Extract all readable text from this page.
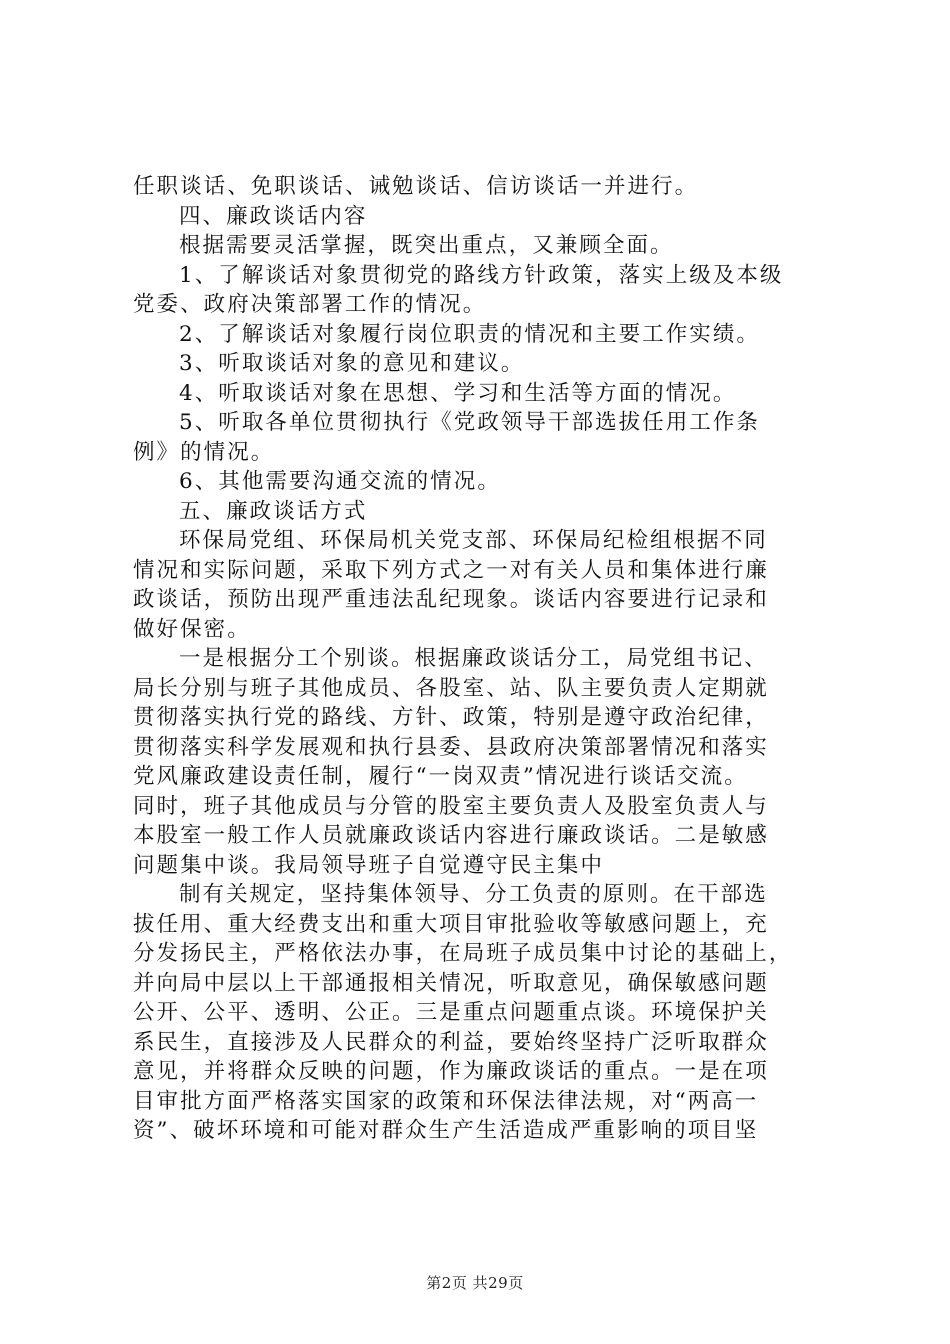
任职谈话、免职谈话、诫勉谈话、信访谈话一并进行。
四、廉政谈话内容
根据需要灵活掌握，既突出重点，又兼顾全面。
1、了解谈话对象贯彻党的路线方针政策，落实上级及本级
党委、政府决策部署工作的情况。
2、了解谈话对象履行岗位职责的情况和主要工作实绩。
3、听取谈话对象的意见和建议。
4、听取谈话对象在思想、学习和生活等方面的情况。
5、听取各单位贯彻执行《党政领导干部选拔任用工作条
例》的情况。
6、其他需要沟通交流的情况。
五、廉政谈话方式
环保局党组、环保局机关党支部、环保局纪检组根据不同
情况和实际问题，采取下列方式之一对有关人员和集体进行廉
政谈话，预防出现严重违法乱纪现象。谈话内容要进行记录和
做好保密。
一是根据分工个别谈。根据廉政谈话分工，局党组书记、
局长分别与班子其他成员、各股室、站、队主要负责人定期就
贯彻落实执行党的路线、方针、政策，特别是遵守政治纪律，
贯彻落实科学发展观和执行县委、县政府决策部署情况和落实
党风廉政建设责任制，履行“一岗双责”情况进行谈话交流。
同时，班子其他成员与分管的股室主要负责人及股室负责人与
本股室一般工作人员就廉政谈话内容进行廉政谈话。二是敏感
问题集中谈。我局领导班子自觉遵守民主集中
制有关规定，坚持集体领导、分工负责的原则。在干部选
拔任用、重大经费支出和重大项目审批验收等敏感问题上，充
分发扬民主，严格依法办事，在局班子成员集中讨论的基础上，
并向局中层以上干部通报相关情况，听取意见，确保敏感问题
公开、公平、透明、公正。三是重点问题重点谈。环境保护关
系民生，直接涉及人民群众的利益，要始终坚持广泛听取群众
意见，并将群众反映的问题，作为廉政谈话的重点。一是在项
目审批方面严格落实国家的政策和环保法律法规，对“两高一
资”、破坏环境和可能对群众生产生活造成严重影响的项目坚
第2页 共29页
